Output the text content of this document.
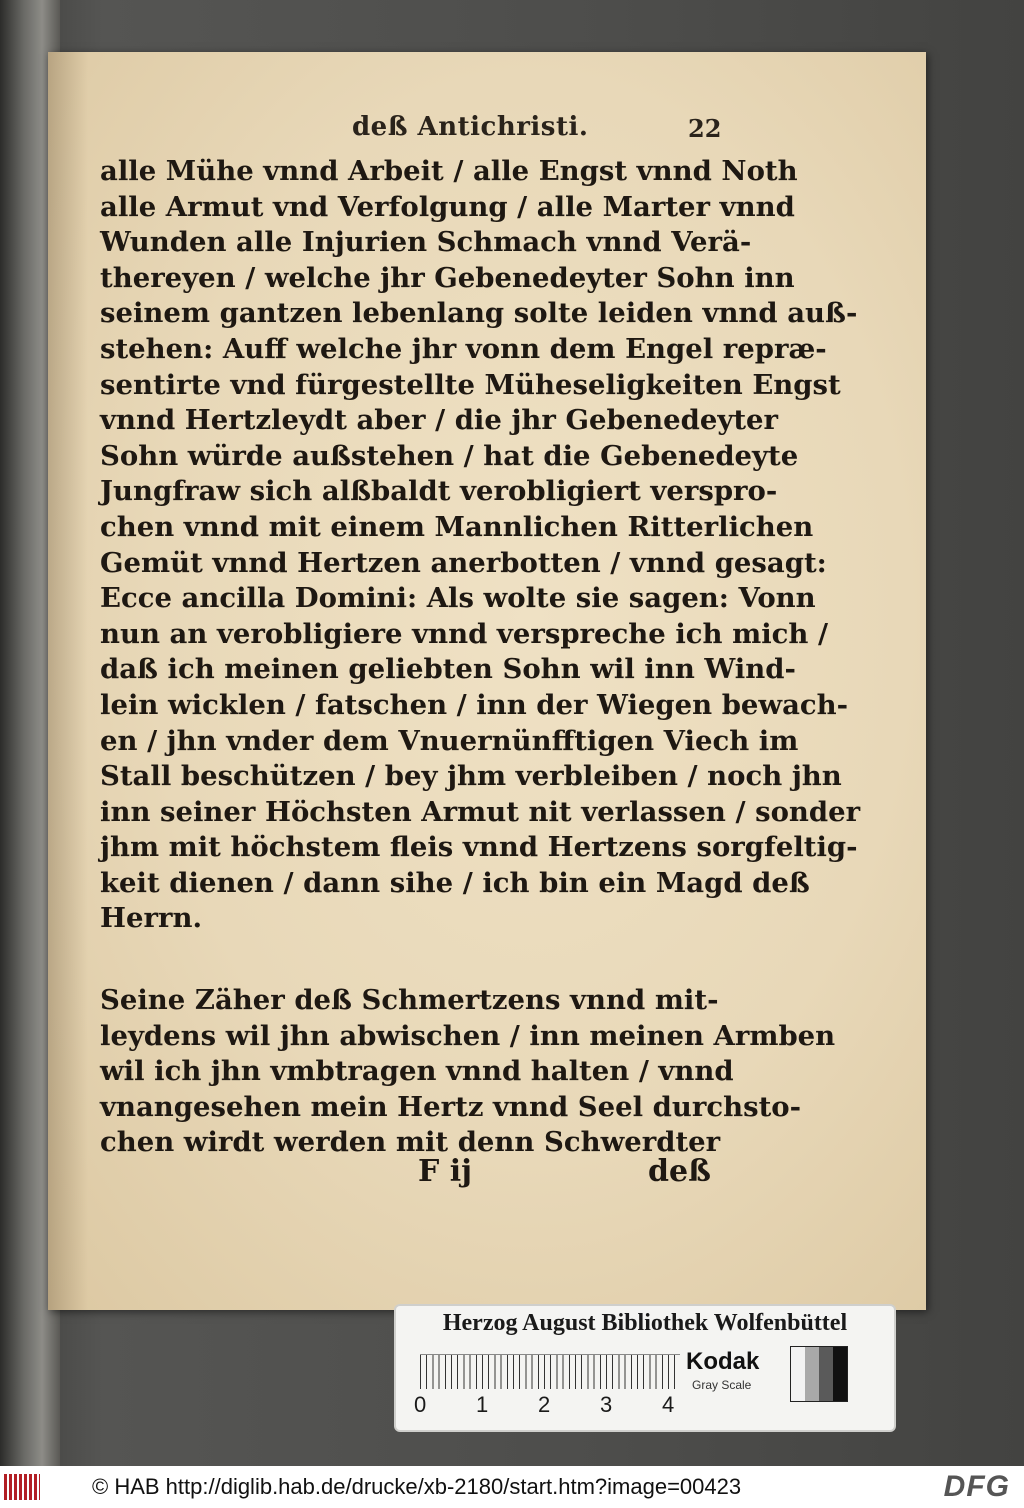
deß Antichristi.	22
alle Mühe vnnd Arbeit / alle Engst vnnd Noth
alle Armut vnd Verfolgung / alle Marter vnnd
Wunden alle Injurien Schmach vnnd Verä-
thereyen / welche jhr Gebenedeyter Sohn inn
seinem gantzen lebenlang solte leiden vnnd auß-
stehen: Auff welche jhr vonn dem Engel repræ-
sentirte vnd fürgestellte Müheseligkeiten Engst
vnnd Hertzleydt aber / die jhr Gebenedeyter
Sohn würde außstehen / hat die Gebenedeyte
Jungfraw sich alßbaldt verobligiert verspro-
chen vnnd mit einem Mannlichen Ritterlichen
Gemüt vnnd Hertzen anerbotten / vnnd gesagt:
Ecce ancilla Domini: Als wolte sie sagen: Vonn
nun an verobligiere vnnd verspreche ich mich /
daß ich meinen geliebten Sohn wil inn Wind-
lein wicklen / fatschen / inn der Wiegen bewach-
en / jhn vnder dem Vnuernünfftigen Viech im
Stall beschützen / bey jhm verbleiben / noch jhn
inn seiner Höchsten Armut nit verlassen / sonder
jhm mit höchstem fleis vnnd Hertzens sorgfeltig-
keit dienen / dann sihe / ich bin ein Magd deß
Herrn.
Seine Zäher deß Schmertzens vnnd mit-
leydens wil jhn abwischen / inn meinen Armben
wil ich jhn vmbtragen vnnd halten / vnnd
vnangesehen mein Hertz vnnd Seel durchsto-
chen wirdt werden mit denn Schwerdter
F ij	deß
Herzog August Bibliothek Wolfenbüttel
0 1 2 3 4
Kodak
Gray Scale
© HAB http://diglib.hab.de/drucke/xb-2180/start.htm?image=00423	DFG
